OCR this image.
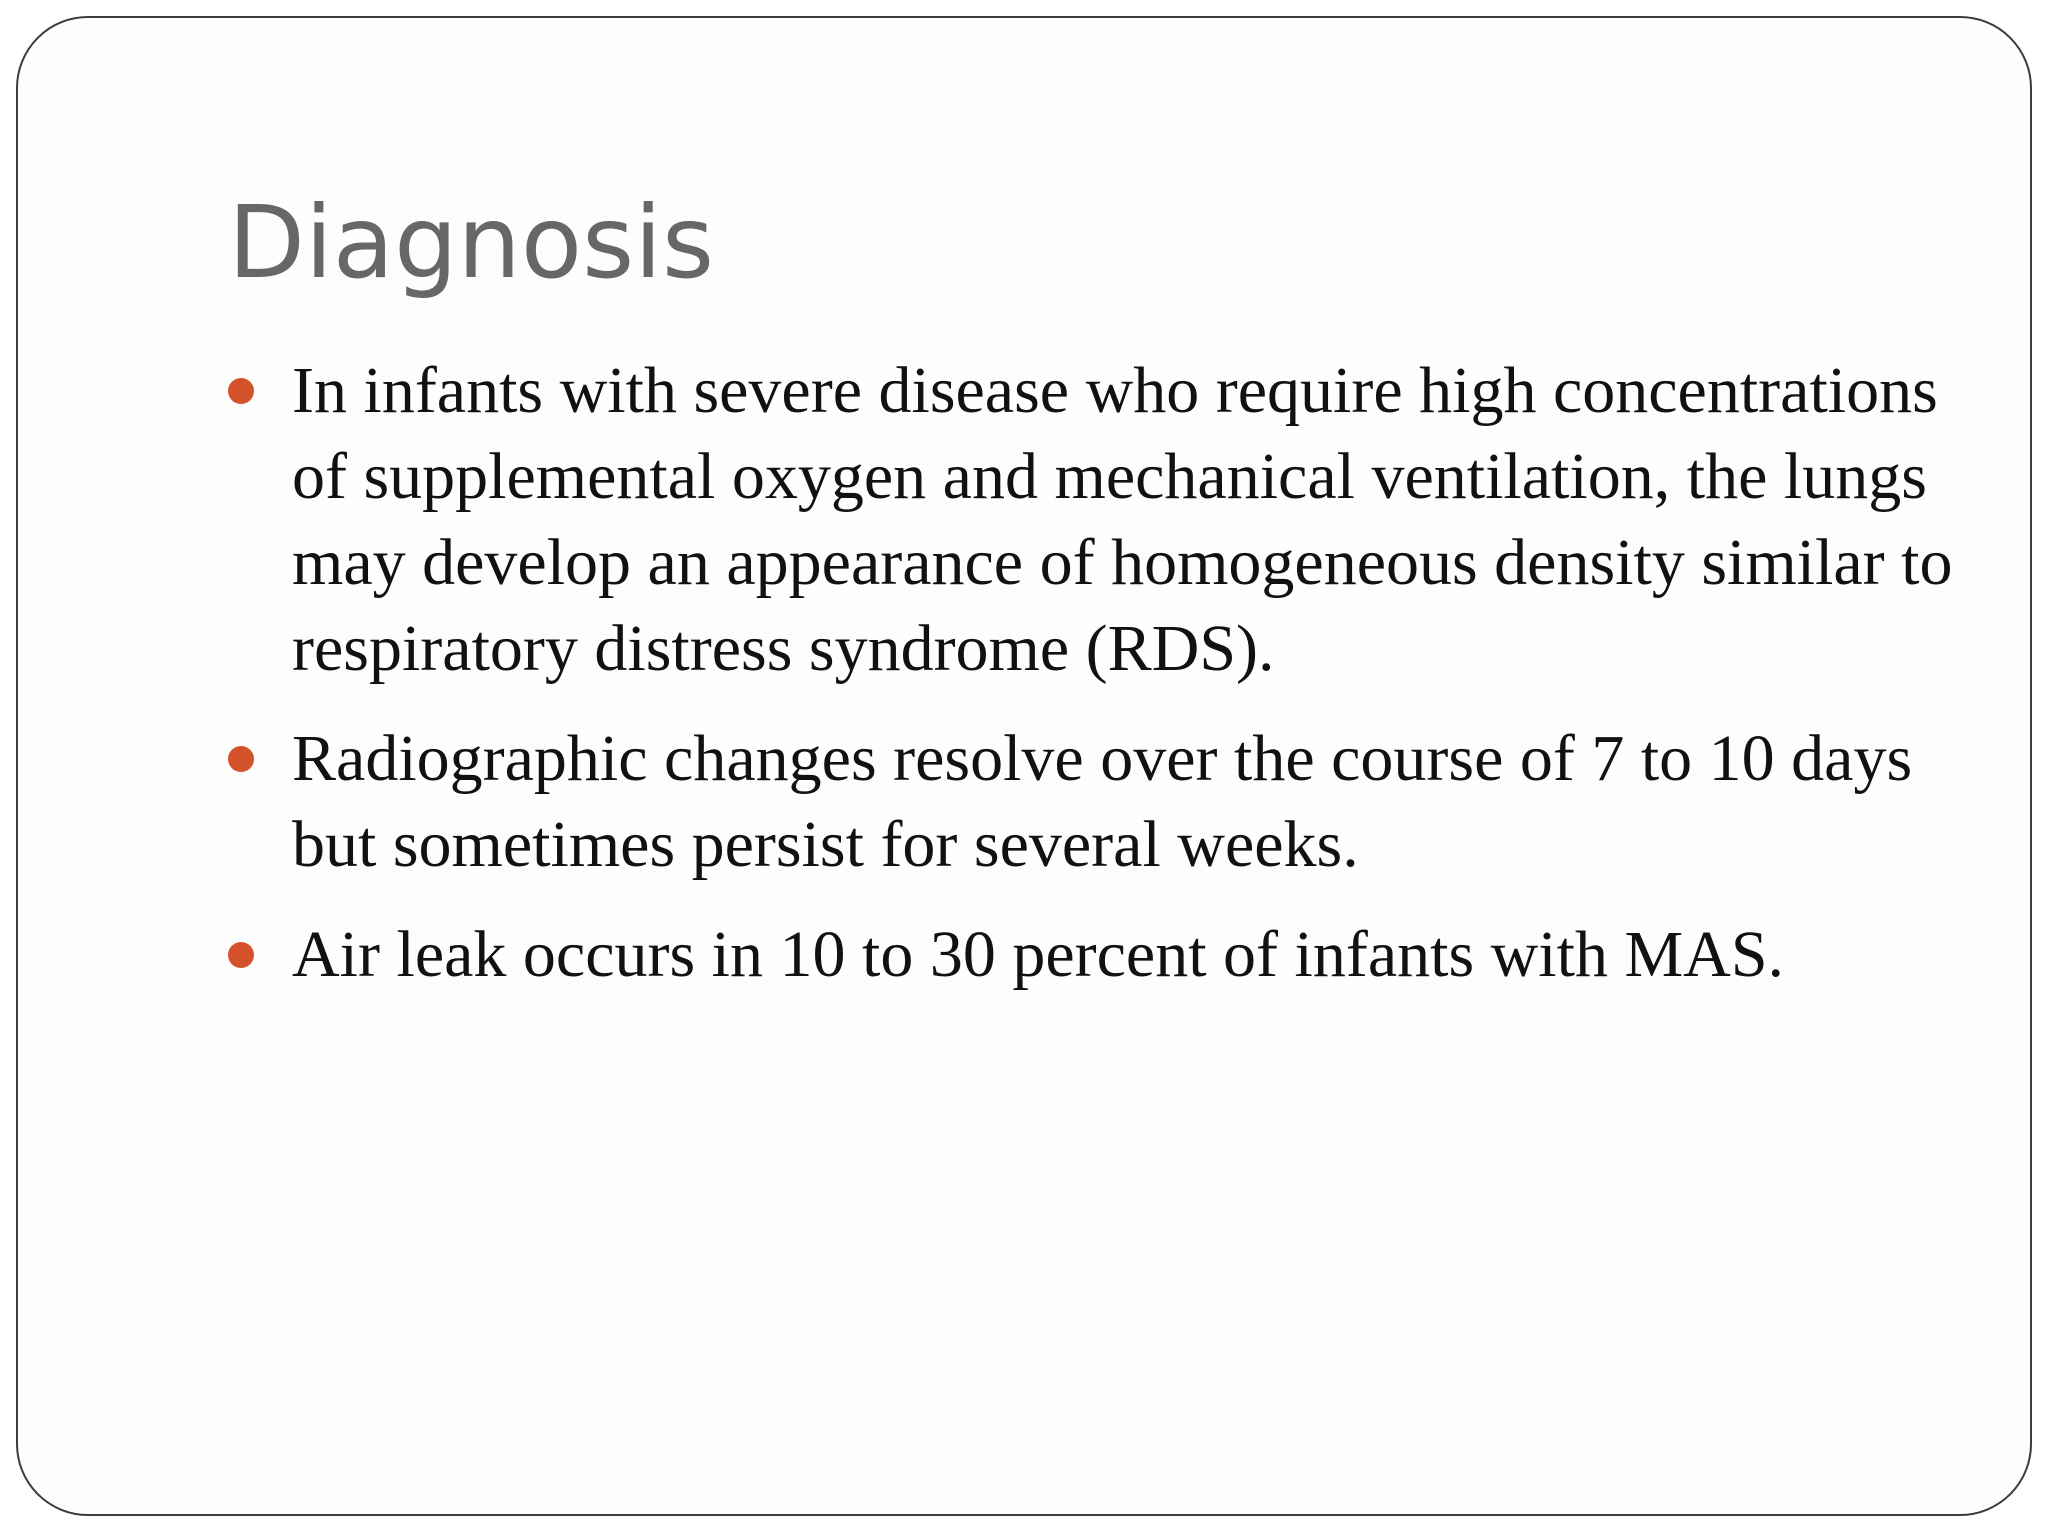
Diagnosis
In infants with severe disease who require high concentrations of supplemental oxygen and mechanical ventilation, the lungs may develop an appearance of homogeneous density similar to respiratory distress syndrome (RDS).
Radiographic changes resolve over the course of 7 to 10 days but sometimes persist for several weeks.
Air leak occurs in 10 to 30 percent of infants with MAS.
